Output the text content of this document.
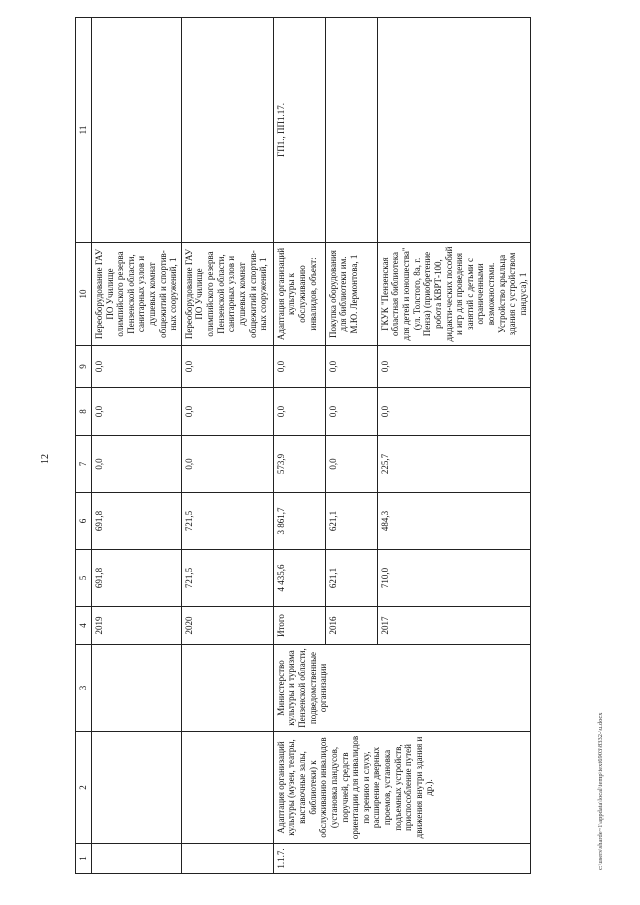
12
1	2	3	4	5	6	7	8	9	10	11
			2019	691,8	691,8	0,0	0,0	0,0	Переоборудование ГАУ ПО Училище олимпийского резерва Пензенской области, санитарных узлов и душевых комнат общежитий и спортив-ных сооружений, 1	
			2020	721,5	721,5	0,0	0,0	0,0	Переоборудование ГАУ ПО Училище олимпийского резерва Пензенской области, санитарных узлов и душевых комнат общежитий и спортив-ных сооружений, 1	
1.1.7.	Адаптация организаций культуры (музеи, театры, выставочные залы, библиотеки) к обслуживанию инвалидов (установка пандусов, поручней, средств ориентации для инвалидов по зрению и слуху, расширение дверных проемов, установка подъемных устройств, приспособление путей движения внутри здания и др.).	Министерство культуры и туризма Пензенской области, подведомственные организации	Итого	4 435,6	3 861,7	573,9	0,0	0,0	Адаптация организаций культуры к обслуживанию инвалидов, объект:	ГП1., ПП1.17.
			2016	621,1	621,1	0,0	0,0	0,0	Покупка оборудования для библиотеки им. М.Ю. Лермонтова, 1	
			2017	710,0	484,3	225,7	0,0	0,0	ГКУК "Пензенская областная библиотека для детей и юношества" (ул. Толстого, 8а, г. Пенза) (приобретение робота КВРТ-100, дидакти-ческих пособий и игр для проведения занятий с детьми с ограниченными возможностями. Устройство крыльца здания с устройством пандуса), 1	
c:\users\sharde~1\appdata\local\temp\text6903\8332-\u.docx
